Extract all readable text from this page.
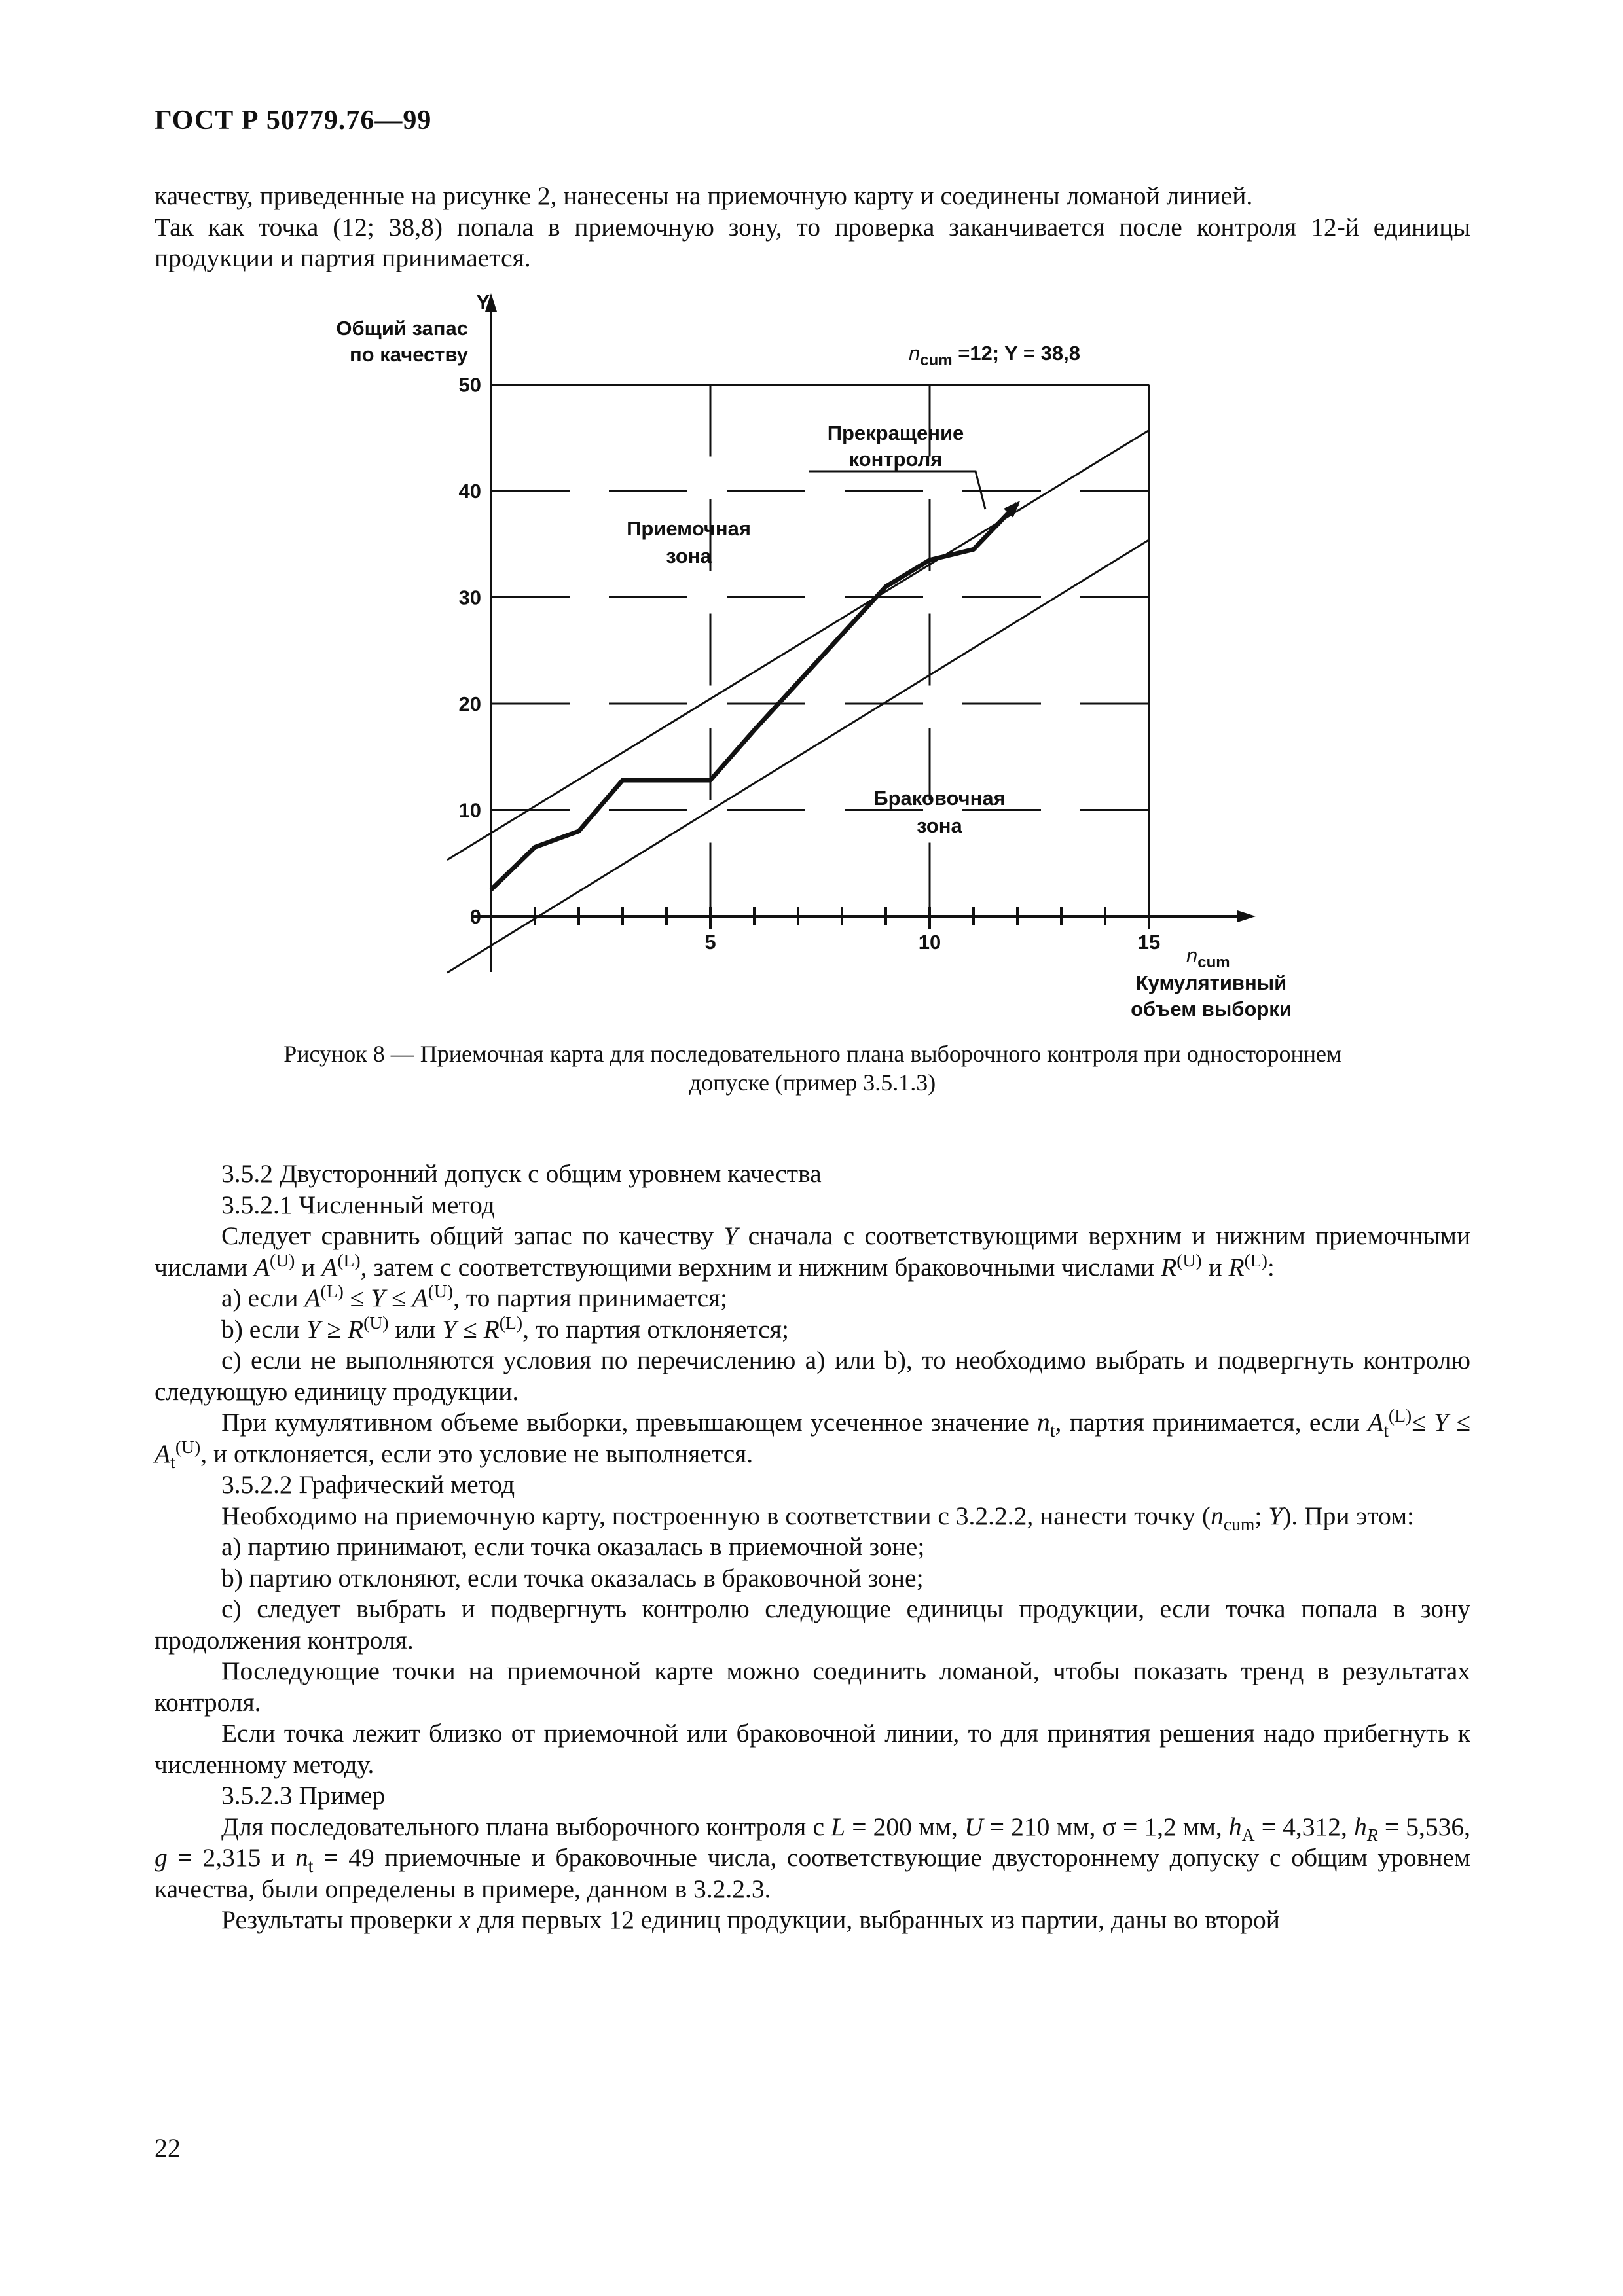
ГОСТ Р 50779.76—99

качеству, приведенные на рисунке 2, нанесены на приемочную карту и соединены ломаной линией.

Так как точка (12; 38,8) попала в приемочную зону, то проверка заканчивается после контроля 12-й единицы продукции и партия принимается.

0
10
20
30
40
50
5	10	15
Y
Общий запас
по качеству	$n_{cum} =12$; Y = 38,8
Прекращение
контроля
Приемочная
зона
Браковочная
зона
$n_{cum}$
Кумулятивный
объем выборки
Рисунок 8 — Приемочная карта для последовательного плана выборочного контроля при одностороннем
допуске (пример 3.5.1.3)

3.5.2 Двусторонний допуск с общим уровнем качества

3.5.2.1 Численный метод

Следует сравнить общий запас по качеству Y сначала с соответствующими верхним и нижним приемочными числами $A^{(U)}$ и $A^{(L)}$, затем с соответствующими верхним и нижним браковочными числами $R^{(U)}$ и $R^{(L)}$:

a) если $A^{(L)} \le Y \le A^{(U)}$, то партия принимается;

b) если $Y \ge R^{(U)}$ или $Y \le R^{(L)}$, то партия отклоняется;

c) если не выполняются условия по перечислению a) или b), то необходимо выбрать и подвергнуть контролю следующую единицу продукции.

При кумулятивном объеме выборки, превышающем усеченное значение $n_t$, партия принимается, если $A_t^{(L)}\le Y \le A_t^{(U)}$, и отклоняется, если это условие не выполняется.

3.5.2.2 Графический метод

Необходимо на приемочную карту, построенную в соответствии с 3.2.2.2, нанести точку ($n_{cum}$; Y). При этом:

a) партию принимают, если точка оказалась в приемочной зоне;

b) партию отклоняют, если точка оказалась в браковочной зоне;

c) следует выбрать и подвергнуть контролю следующие единицы продукции, если точка попала в зону продолжения контроля.

Последующие точки на приемочной карте можно соединить ломаной, чтобы показать тренд в результатах контроля.

Если точка лежит близко от приемочной или браковочной линии, то для принятия решения надо прибегнуть к численному методу.

3.5.2.3 Пример

Для последовательного плана выборочного контроля с L = 200 мм, U = 210 мм, σ = 1,2 мм, $h_A = 4,312$, $h_R = 5,536$, g = 2,315 и $n_t = 49$ приемочные и браковочные числа, соответствующие двустороннему допуску с общим уровнем качества, были определены в примере, данном в 3.2.2.3.

Результаты проверки x для первых 12 единиц продукции, выбранных из партии, даны во второй

22
